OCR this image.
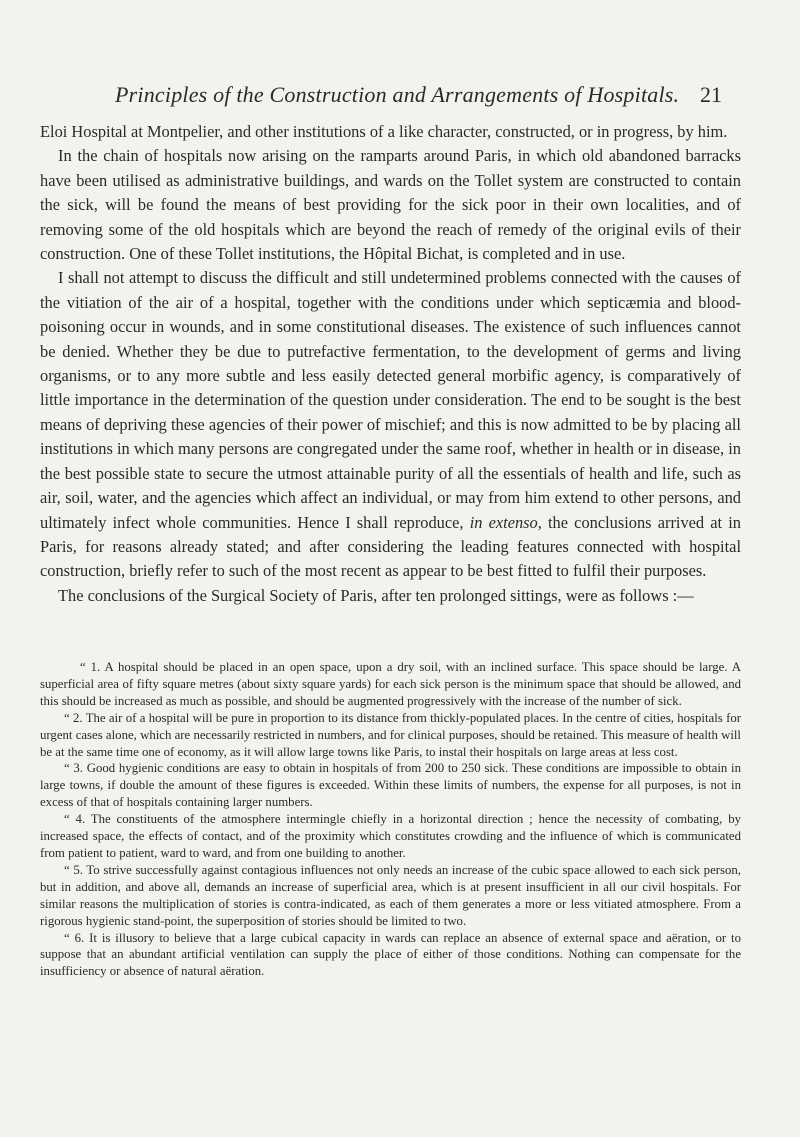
Principles of the Construction and Arrangements of Hospitals. 21

Eloi Hospital at Montpelier, and other institutions of a like character, constructed, or in progress, by him.

In the chain of hospitals now arising on the ramparts around Paris, in which old abandoned barracks have been utilised as administrative buildings, and wards on the Tollet system are constructed to contain the sick, will be found the means of best providing for the sick poor in their own localities, and of removing some of the old hospitals which are beyond the reach of remedy of the original evils of their construction. One of these Tollet institutions, the Hôpital Bichat, is completed and in use.

I shall not attempt to discuss the difficult and still undetermined problems connected with the causes of the vitiation of the air of a hospital, together with the conditions under which septicæmia and blood-poisoning occur in wounds, and in some constitutional diseases. The existence of such influences cannot be denied. Whether they be due to putrefactive fermentation, to the development of germs and living organisms, or to any more subtle and less easily detected general morbific agency, is comparatively of little importance in the determination of the question under consideration. The end to be sought is the best means of depriving these agencies of their power of mischief; and this is now admitted to be by placing all institutions in which many persons are congregated under the same roof, whether in health or in disease, in the best possible state to secure the utmost attainable purity of all the essentials of health and life, such as air, soil, water, and the agencies which affect an individual, or may from him extend to other persons, and ultimately infect whole communities. Hence I shall reproduce, in extenso, the conclusions arrived at in Paris, for reasons already stated; and after considering the leading features connected with hospital construction, briefly refer to such of the most recent as appear to be best fitted to fulfil their purposes.

The conclusions of the Surgical Society of Paris, after ten prolonged sittings, were as follows :—

“ 1. A hospital should be placed in an open space, upon a dry soil, with an inclined surface. This space should be large. A superficial area of fifty square metres (about sixty square yards) for each sick person is the minimum space that should be allowed, and this should be increased as much as possible, and should be augmented progressively with the increase of the number of sick.

“ 2. The air of a hospital will be pure in proportion to its distance from thickly-populated places. In the centre of cities, hospitals for urgent cases alone, which are necessarily restricted in numbers, and for clinical purposes, should be retained. This measure of health will be at the same time one of economy, as it will allow large towns like Paris, to instal their hospitals on large areas at less cost.

“ 3. Good hygienic conditions are easy to obtain in hospitals of from 200 to 250 sick. These conditions are impossible to obtain in large towns, if double the amount of these figures is exceeded. Within these limits of numbers, the expense for all purposes, is not in excess of that of hospitals containing larger numbers.

“ 4. The constituents of the atmosphere intermingle chiefly in a horizontal direction ; hence the necessity of combating, by increased space, the effects of contact, and of the proximity which constitutes crowding and the influence of which is communicated from patient to patient, ward to ward, and from one building to another.

“ 5. To strive successfully against contagious influences not only needs an increase of the cubic space allowed to each sick person, but in addition, and above all, demands an increase of superficial area, which is at present insufficient in all our civil hospitals. For similar reasons the multiplication of stories is contra-indicated, as each of them generates a more or less vitiated atmosphere. From a rigorous hygienic stand-point, the superposition of stories should be limited to two.

“ 6. It is illusory to believe that a large cubical capacity in wards can replace an absence of external space and aëration, or to suppose that an abundant artificial ventilation can supply the place of either of those conditions. Nothing can compensate for the insufficiency or absence of natural aëration.
